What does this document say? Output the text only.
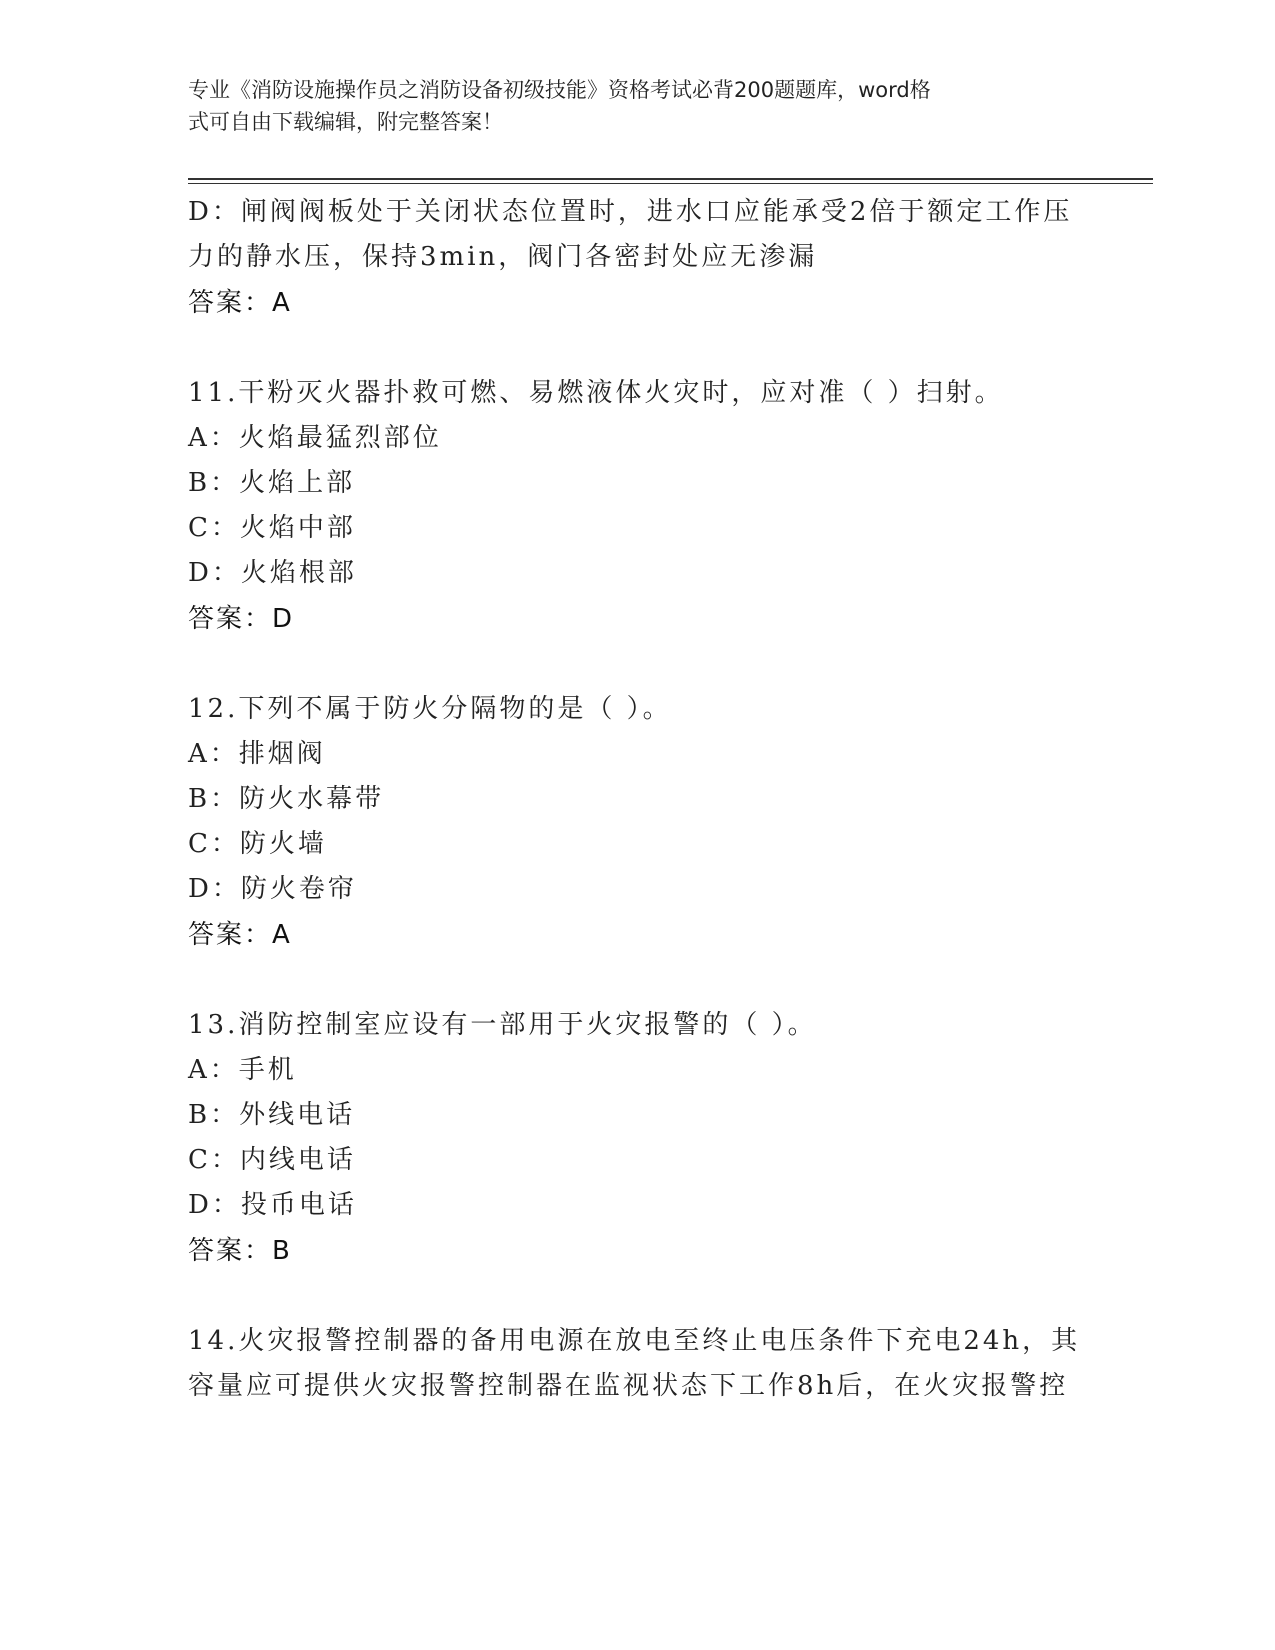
专业《消防设施操作员之消防设备初级技能》资格考试必背200题题库，word格
式可自由下载编辑，附完整答案！
D：闸阀阀板处于关闭状态位置时，进水口应能承受2倍于额定工作压
力的静水压，保持3min，阀门各密封处应无渗漏
答案：A
11.干粉灭火器扑救可燃、易燃液体火灾时，应对准（ ）扫射。
A：火焰最猛烈部位
B：火焰上部
C：火焰中部
D：火焰根部
答案：D
12.下列不属于防火分隔物的是（ ）。
A：排烟阀
B：防火水幕带
C：防火墙
D：防火卷帘
答案：A
13.消防控制室应设有一部用于火灾报警的（ ）。
A：手机
B：外线电话
C：内线电话
D：投币电话
答案：B
14.火灾报警控制器的备用电源在放电至终止电压条件下充电24h，其
容量应可提供火灾报警控制器在监视状态下工作8h后，在火灾报警控
